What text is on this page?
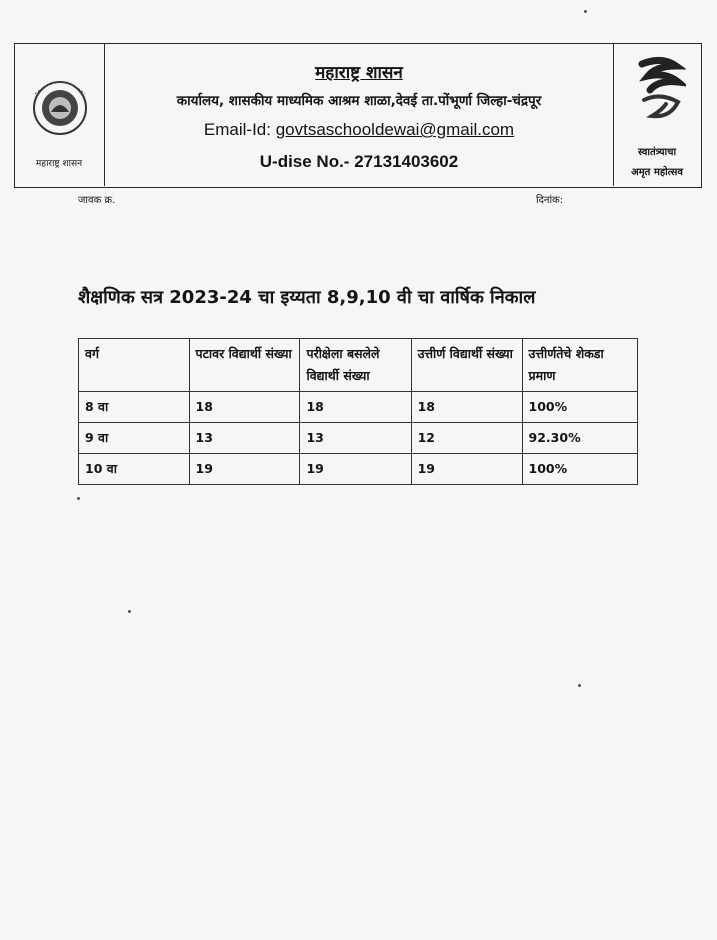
महाराष्ट्र शासन
महाराष्ट्र शासन
कार्यालय, शासकीय माध्यमिक आश्रम शाळा,देवई ता.पोंभूर्णा जिल्हा-चंद्रपूर
Email-Id: govtsaschooldewai@gmail.com
U-dise No.- 27131403602	स्वातंत्र्याचा
अमृत महोत्सव
जावक क्र.	दिनांक:
शैक्षणिक सत्र 2023-24 चा इय्यता 8,9,10 वी चा वार्षिक निकाल
वर्ग	पटावर विद्यार्थी संख्या	परीक्षेला बसलेले विद्यार्थी संख्या	उत्तीर्ण विद्यार्थी संख्या	उत्तीर्णतेचे शेकडा प्रमाण
8 वा	18	18	18	100%
9 वा	13	13	12	92.30%
10 वा	19	19	19	100%
